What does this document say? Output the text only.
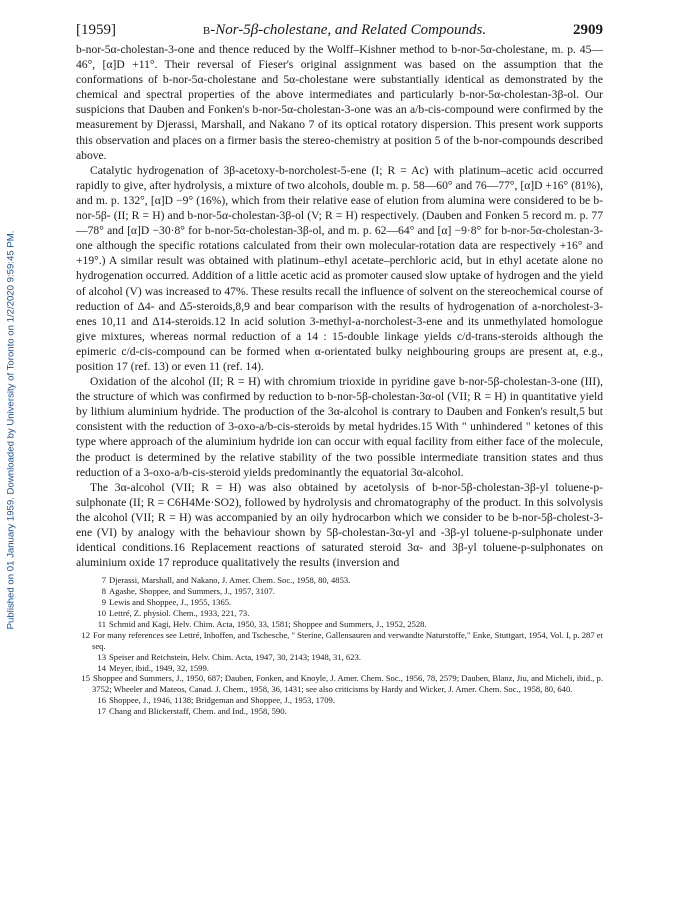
Published on 01 January 1959. Downloaded by University of Toronto on 1/2/2020 9:59:45 PM.
[1959]	b-Nor-5β-cholestane, and Related Compounds.	2909

b-nor-5α-cholestan-3-one and thence reduced by the Wolff–Kishner method to b-nor-5α-cholestane, m. p. 45—46°, [α]D +11°. Their reversal of Fieser's original assignment was based on the assumption that the conformations of b-nor-5α-cholestane and 5α-cholestane were substantially identical as demonstrated by the chemical and spectral properties of the above intermediates and particularly b-nor-5α-cholestan-3β-ol. Our suspicions that Dauben and Fonken's b-nor-5α-cholestan-3-one was an a/b-cis-compound were confirmed by the measurement by Djerassi, Marshall, and Nakano 7 of its optical rotatory dispersion. This present work supports this observation and places on a firmer basis the stereo-chemistry at position 5 of the b-nor-compounds described above.

Catalytic hydrogenation of 3β-acetoxy-b-norcholest-5-ene (I; R = Ac) with platinum–acetic acid occurred rapidly to give, after hydrolysis, a mixture of two alcohols, double m. p. 58—60° and 76—77°, [α]D +16° (81%), and m. p. 132°, [α]D −9° (16%), which from their relative ease of elution from alumina were considered to be b-nor-5β- (II; R = H) and b-nor-5α-cholestan-3β-ol (V; R = H) respectively. (Dauben and Fonken 5 record m. p. 77—78° and [α]D −30·8° for b-nor-5α-cholestan-3β-ol, and m. p. 62—64° and [α] −9·8° for b-nor-5α-cholestan-3-one although the specific rotations calculated from their own molecular-rotation data are respectively +16° and +19°.) A similar result was obtained with platinum–ethyl acetate–perchloric acid, but in ethyl acetate alone no hydrogenation occurred. Addition of a little acetic acid as promoter caused slow uptake of hydrogen and the yield of alcohol (V) was increased to 47%. These results recall the influence of solvent on the stereochemical course of reduction of Δ4- and Δ5-steroids,8,9 and bear comparison with the results of hydrogenation of a-norcholest-3-enes 10,11 and Δ14-steroids.12 In acid solution 3-methyl-a-norcholest-3-ene and its unmethylated homologue give mixtures, whereas normal reduction of a 14 : 15-double linkage yields c/d-trans-steroids although the epimeric c/d-cis-compound can be formed when α-orientated bulky neighbouring groups are present at, e.g., position 17 (ref. 13) or even 11 (ref. 14).

Oxidation of the alcohol (II; R = H) with chromium trioxide in pyridine gave b-nor-5β-cholestan-3-one (III), the structure of which was confirmed by reduction to b-nor-5β-cholestan-3α-ol (VII; R = H) in quantitative yield by lithium aluminium hydride. The production of the 3α-alcohol is contrary to Dauben and Fonken's result,5 but consistent with the reduction of 3-oxo-a/b-cis-steroids by metal hydrides.15 With " unhindered " ketones of this type where approach of the aluminium hydride ion can occur with equal facility from either face of the molecule, the product is determined by the relative stability of the two possible intermediate transition states and thus reduction of a 3-oxo-a/b-cis-steroid yields predominantly the equatorial 3α-alcohol.

The 3α-alcohol (VII; R = H) was also obtained by acetolysis of b-nor-5β-cholestan-3β-yl toluene-p-sulphonate (II; R = C6H4Me·SO2), followed by hydrolysis and chromatography of the product. In this solvolysis the alcohol (VII; R = H) was accompanied by an oily hydrocarbon which we consider to be b-nor-5β-cholest-3-ene (VI) by analogy with the behaviour shown by 5β-cholestan-3α-yl and -3β-yl toluene-p-sulphonate under identical conditions.16 Replacement reactions of saturated steroid 3α- and 3β-yl toluene-p-sulphonates on aluminium oxide 17 reproduce qualitatively the results (inversion and

7 Djerassi, Marshall, and Nakano, J. Amer. Chem. Soc., 1958, 80, 4853.
8 Agashe, Shoppee, and Summers, J., 1957, 3107.
9 Lewis and Shoppee, J., 1955, 1365.
10 Lettré, Z. physiol. Chem., 1933, 221, 73.
11 Schmid and Kagi, Helv. Chim. Acta, 1950, 33, 1581; Shoppee and Summers, J., 1952, 2528.
12 For many references see Lettré, Inhoffen, and Tschesche, " Sterine, Gallensauren and verwandte Naturstoffe," Enke, Stuttgart, 1954, Vol. I, p. 287 et seq.
13 Speiser and Reichstein, Helv. Chim. Acta, 1947, 30, 2143; 1948, 31, 623.
14 Meyer, ibid., 1949, 32, 1599.
15 Shoppee and Summers, J., 1950, 687; Dauben, Fonken, and Knoyle, J. Amer. Chem. Soc., 1956, 78, 2579; Dauben, Blanz, Jiu, and Micheli, ibid., p. 3752; Wheeler and Mateos, Canad. J. Chem., 1958, 36, 1431; see also criticisms by Hardy and Wicker, J. Amer. Chem. Soc., 1958, 80, 640.
16 Shoppee, J., 1946, 1138; Bridgeman and Shoppee, J., 1953, 1709.
17 Chang and Blickerstaff, Chem. and Ind., 1958, 590.
